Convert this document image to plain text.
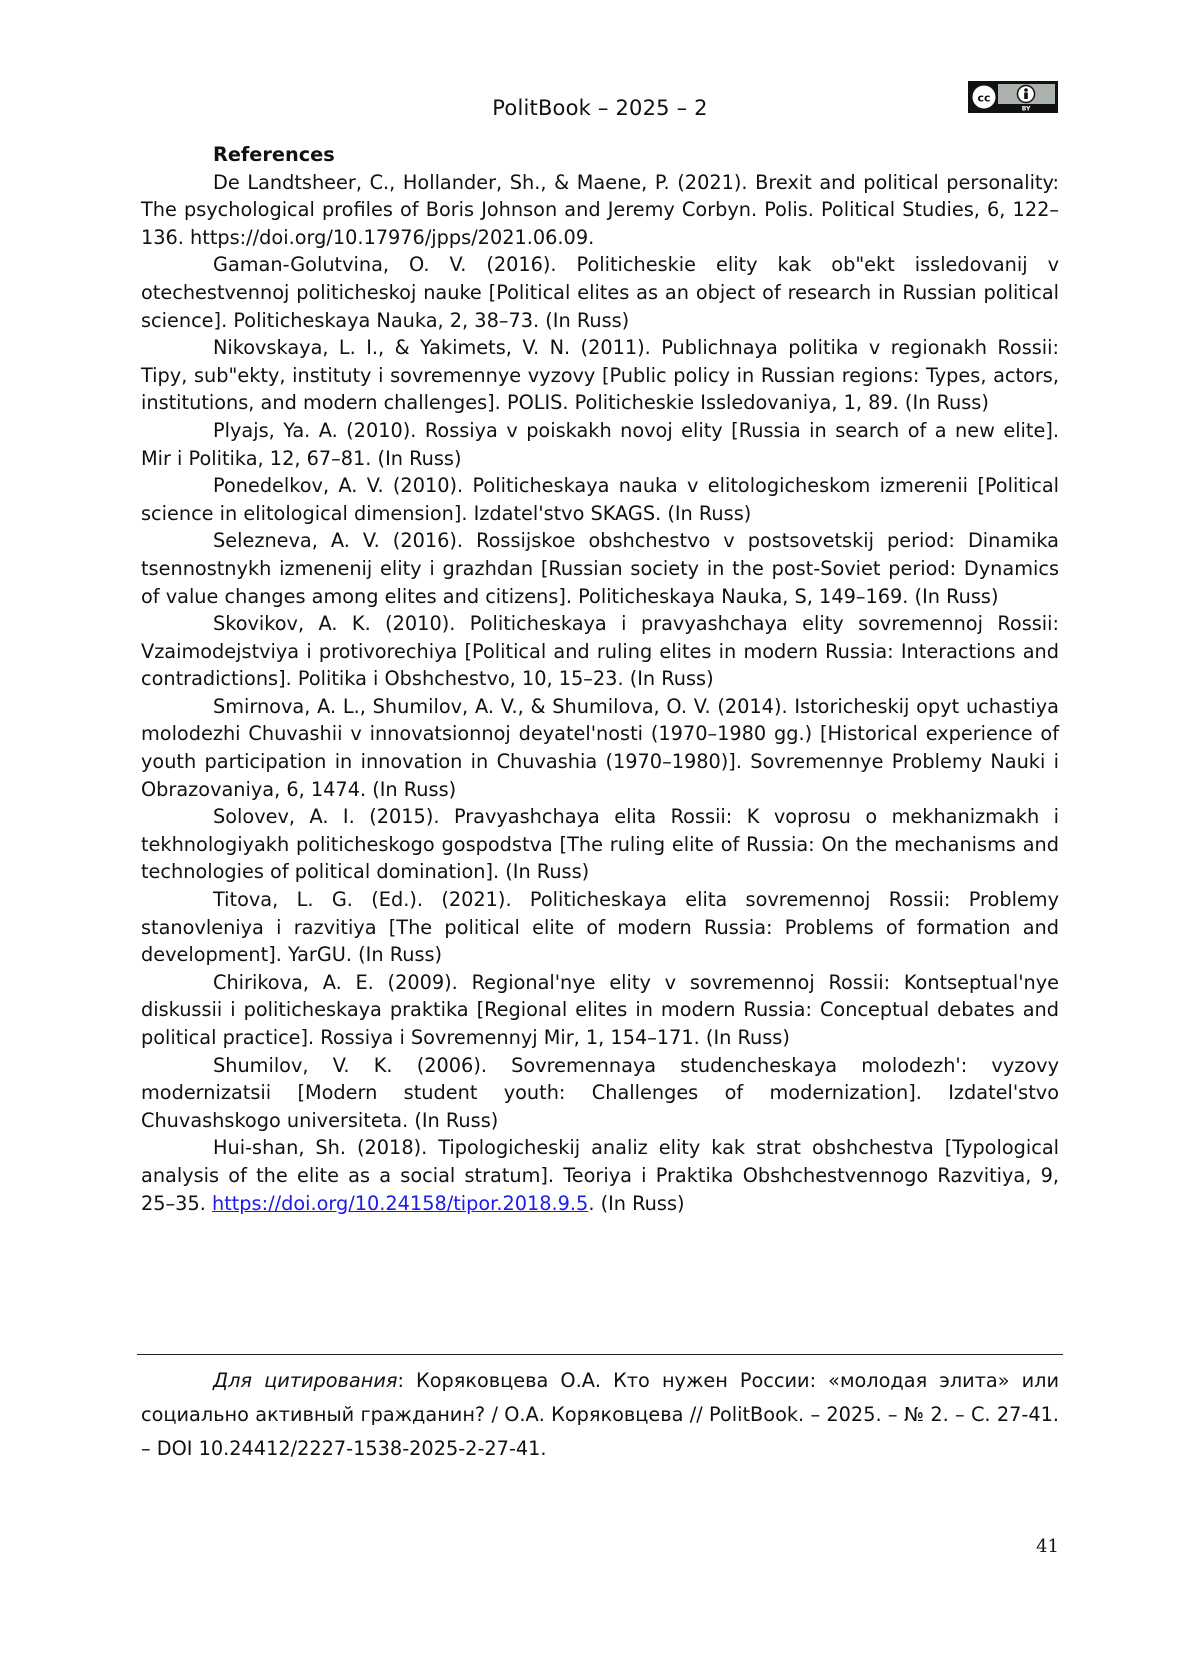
PolitBook – 2025 – 2	cc
BY
References

De Landtsheer, C., Hollander, Sh., & Maene, P. (2021). Brexit and political personality: The psychological profiles of Boris Johnson and Jeremy Corbyn. Polis. Political Studies, 6, 122–136. https://doi.org/10.17976/jpps/2021.06.09.

Gaman-Golutvina, O. V. (2016). Politicheskie elity kak ob"ekt issledovanij v otechestvennoj politicheskoj nauke [Political elites as an object of research in Russian political science]. Politicheskaya Nauka, 2, 38–73. (In Russ)

Nikovskaya, L. I., & Yakimets, V. N. (2011). Publichnaya politika v regionakh Rossii: Tipy, sub"ekty, instituty i sovremennye vyzovy [Public policy in Russian regions: Types, actors, institutions, and modern challenges]. POLIS. Politicheskie Issledovaniya, 1, 89. (In Russ)

Plyajs, Ya. A. (2010). Rossiya v poiskakh novoj elity [Russia in search of a new elite]. Mir i Politika, 12, 67–81. (In Russ)

Ponedelkov, A. V. (2010). Politicheskaya nauka v elitologicheskom izmerenii [Political science in elitological dimension]. Izdatel'stvo SKAGS. (In Russ)

Selezneva, A. V. (2016). Rossijskoe obshchestvo v postsovetskij period: Dinamika tsennostnykh izmenenij elity i grazhdan [Russian society in the post-Soviet period: Dynamics of value changes among elites and citizens]. Politicheskaya Nauka, S, 149–169. (In Russ)

Skovikov, A. K. (2010). Politicheskaya i pravyashchaya elity sovremennoj Rossii: Vzaimodejstviya i protivorechiya [Political and ruling elites in modern Russia: Interactions and contradictions]. Politika i Obshchestvo, 10, 15–23. (In Russ)

Smirnova, A. L., Shumilov, A. V., & Shumilova, O. V. (2014). Istoricheskij opyt uchastiya molodezhi Chuvashii v innovatsionnoj deyatel'nosti (1970–1980 gg.) [Historical experience of youth participation in innovation in Chuvashia (1970–1980)]. Sovremennye Problemy Nauki i Obrazovaniya, 6, 1474. (In Russ)

Solovev, A. I. (2015). Pravyashchaya elita Rossii: K voprosu o mekhanizmakh i tekhnologiyakh politicheskogo gospodstva [The ruling elite of Russia: On the mechanisms and technologies of political domination]. (In Russ)

Titova, L. G. (Ed.). (2021). Politicheskaya elita sovremennoj Rossii: Problemy stanovleniya i razvitiya [The political elite of modern Russia: Problems of formation and development]. YarGU. (In Russ)

Chirikova, A. E. (2009). Regional'nye elity v sovremennoj Rossii: Kontseptual'nye diskussii i politicheskaya praktika [Regional elites in modern Russia: Conceptual debates and political practice]. Rossiya i Sovremennyj Mir, 1, 154–171. (In Russ)

Shumilov, V. K. (2006). Sovremennaya studencheskaya molodezh': vyzovy modernizatsii [Modern student youth: Challenges of modernization]. Izdatel'stvo Chuvashskogo universiteta. (In Russ)

Hui-shan, Sh. (2018). Tipologicheskij analiz elity kak strat obshchestva [Typological analysis of the elite as a social stratum]. Teoriya i Praktika Obshchestvennogo Razvitiya, 9, 25–35. https://doi.org/10.24158/tipor.2018.9.5. (In Russ)

Для цитирования: Коряковцева О.А. Кто нужен России: «молодая элита» или социально активный гражданин? / О.А. Коряковцева // PolitBook. – 2025. – № 2. – С. 27-41. – DOI 10.24412/2227-1538-2025-2-27-41.
41
